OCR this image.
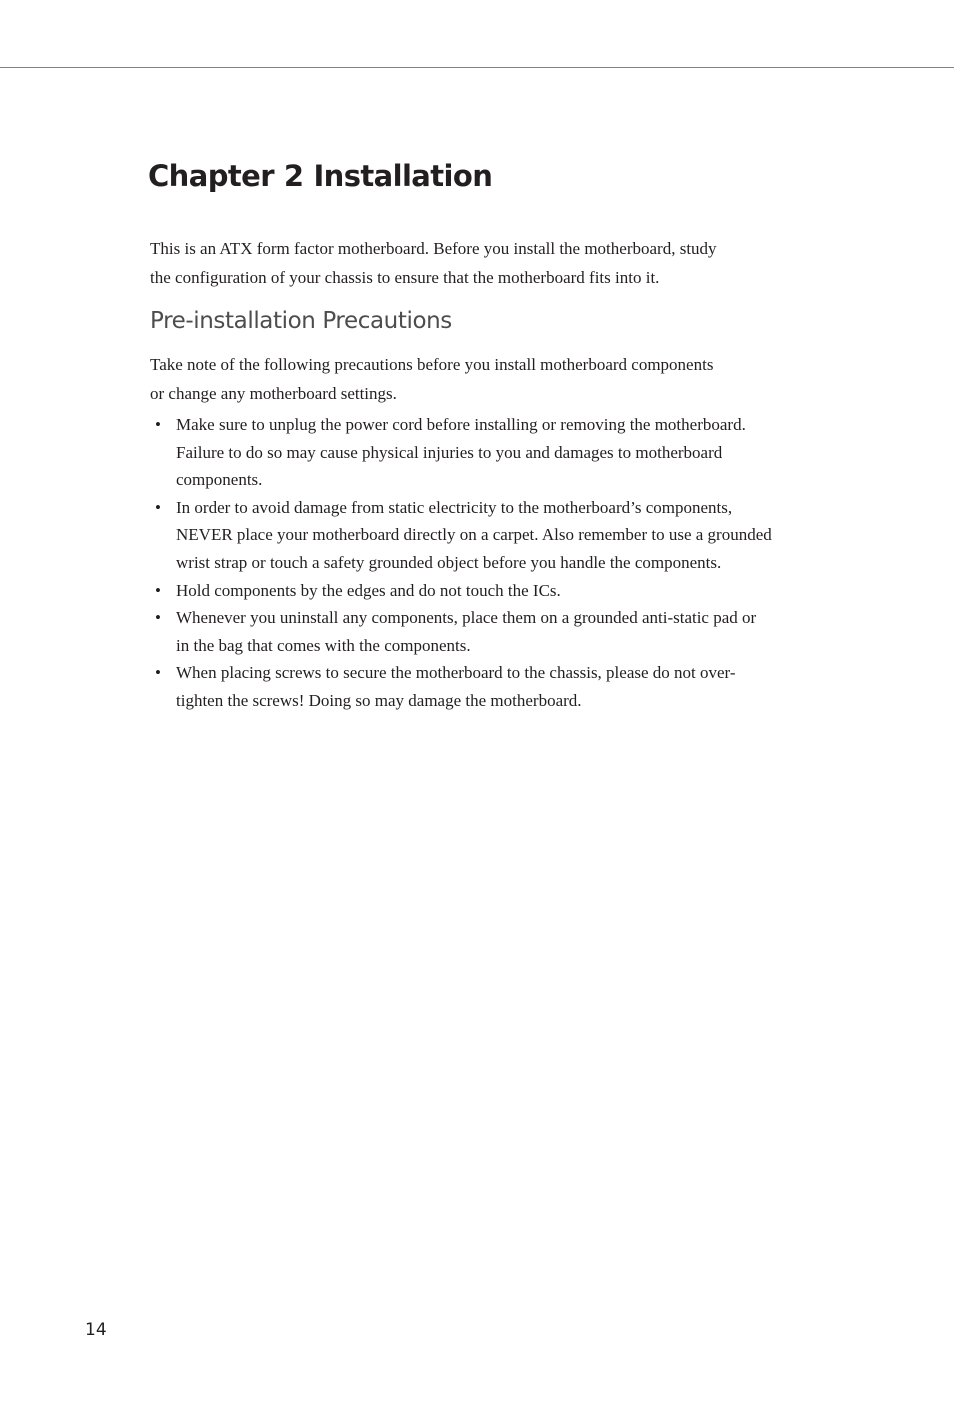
Chapter 2 Installation

This is an ATX form factor motherboard. Before you install the motherboard, study
the configuration of your chassis to ensure that the motherboard fits into it.

Pre-installation Precautions

Take note of the following precautions before you install motherboard components
or change any motherboard settings.

• Make sure to unplug the power cord before installing or removing the motherboard.
Failure to do so may cause physical injuries to you and damages to motherboard
components.
• In order to avoid damage from static electricity to the motherboard’s components,
NEVER place your motherboard directly on a carpet. Also remember to use a grounded
wrist strap or touch a safety grounded object before you handle the components.
• Hold components by the edges and do not touch the ICs.
• Whenever you uninstall any components, place them on a grounded anti-static pad or
in the bag that comes with the components.
• When placing screws to secure the motherboard to the chassis, please do not over-
tighten the screws! Doing so may damage the motherboard.
14
